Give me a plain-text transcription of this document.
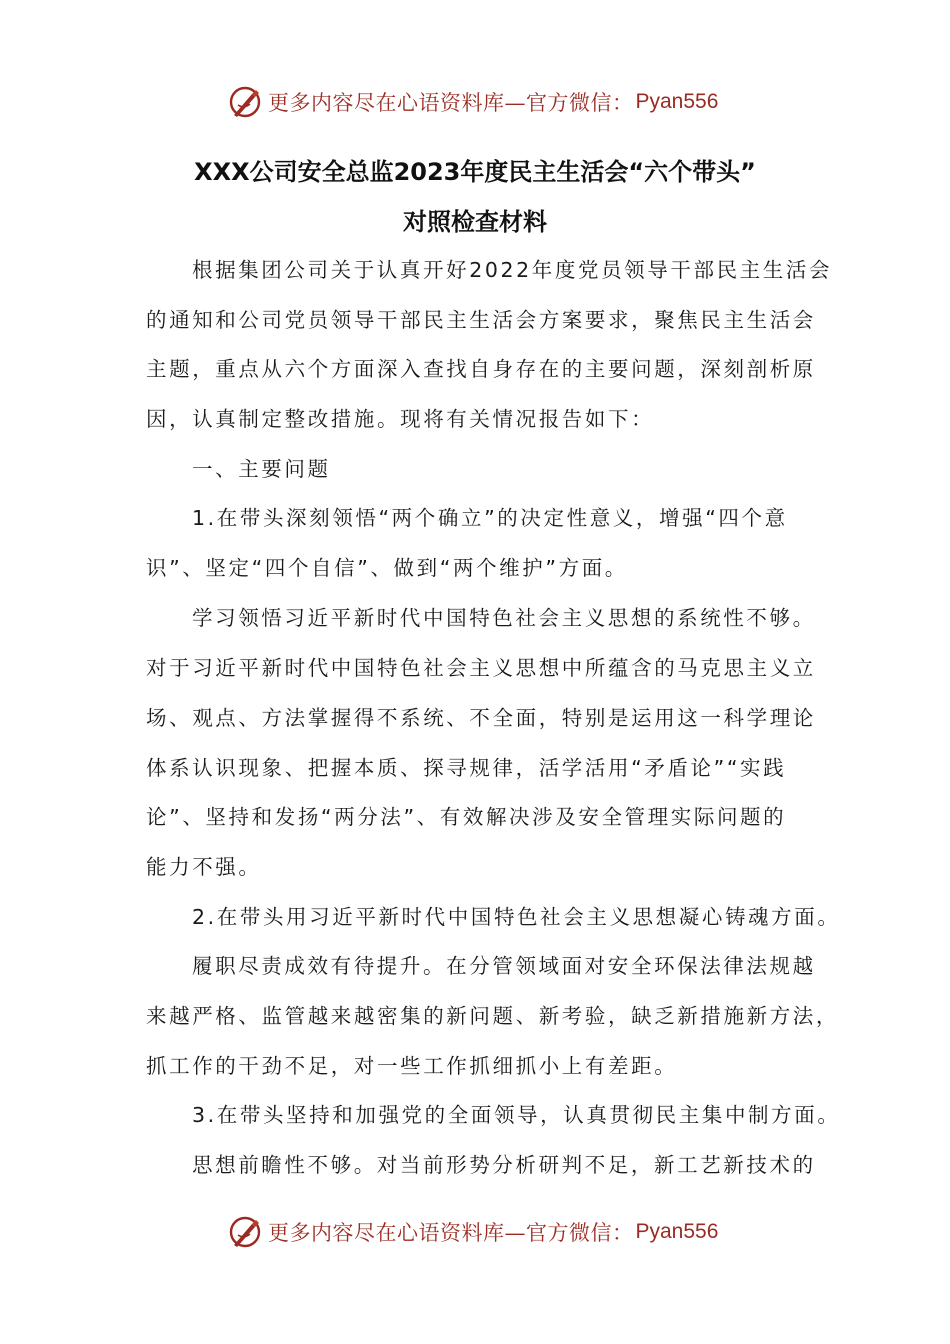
更多内容尽在心语资料库—官方微信： Pyan556
XXX公司安全总监2023年度民主生活会“六个带头”
对照检查材料
根据集团公司关于认真开好2022年度党员领导干部民主生活会
的通知和公司党员领导干部民主生活会方案要求，聚焦民主生活会
主题，重点从六个方面深入查找自身存在的主要问题，深刻剖析原
因，认真制定整改措施。现将有关情况报告如下：
一、主要问题
1.在带头深刻领悟“两个确立”的决定性意义，增强“四个意
识”、坚定“四个自信”、做到“两个维护”方面。
学习领悟习近平新时代中国特色社会主义思想的系统性不够。
对于习近平新时代中国特色社会主义思想中所蕴含的马克思主义立
场、观点、方法掌握得不系统、不全面，特别是运用这一科学理论
体系认识现象、把握本质、探寻规律，活学活用“矛盾论”“实践
论”、坚持和发扬“两分法”、有效解决涉及安全管理实际问题的
能力不强。
2.在带头用习近平新时代中国特色社会主义思想凝心铸魂方面。
履职尽责成效有待提升。在分管领域面对安全环保法律法规越
来越严格、监管越来越密集的新问题、新考验，缺乏新措施新方法，
抓工作的干劲不足，对一些工作抓细抓小上有差距。
3.在带头坚持和加强党的全面领导，认真贯彻民主集中制方面。
思想前瞻性不够。对当前形势分析研判不足，新工艺新技术的
更多内容尽在心语资料库—官方微信： Pyan556
